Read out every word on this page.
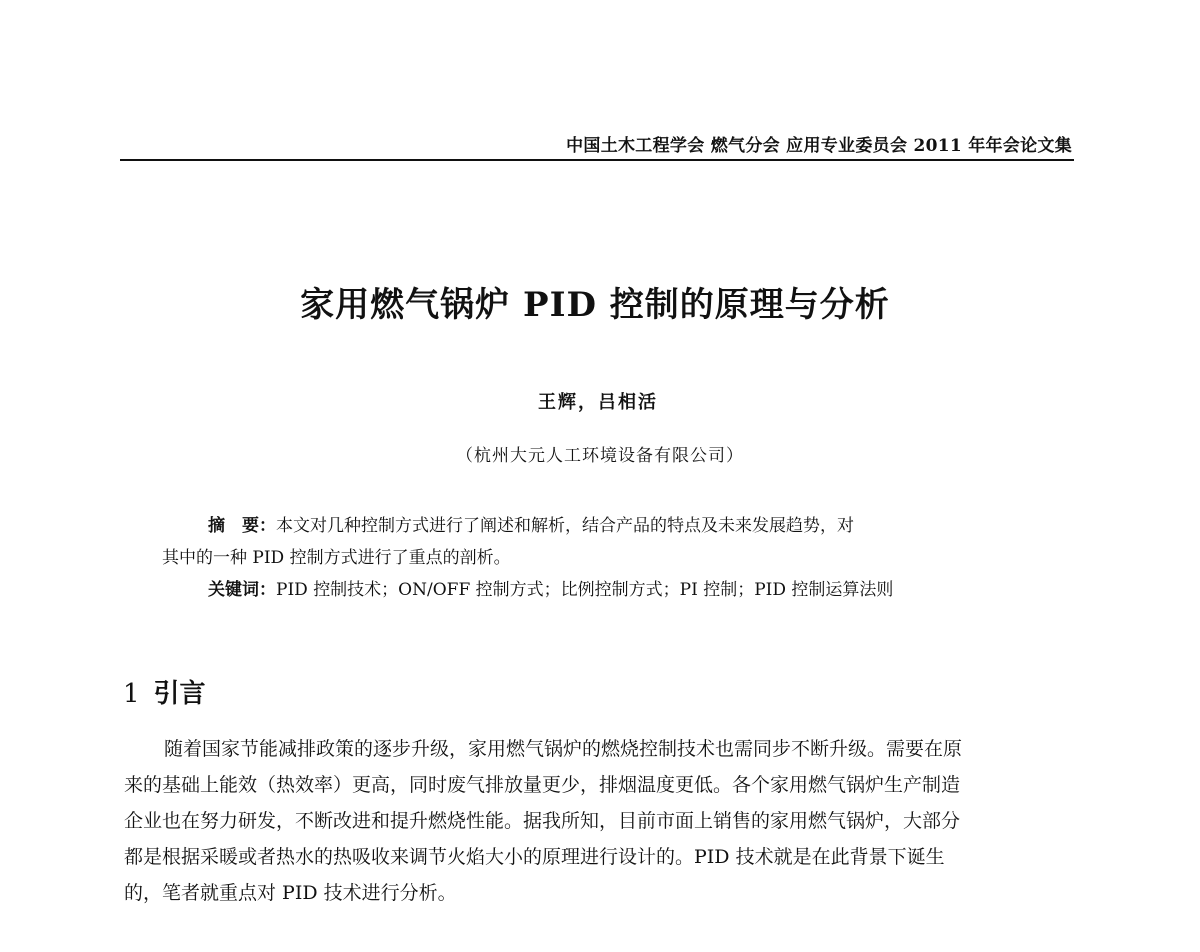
中国土木工程学会 燃气分会 应用专业委员会 2011 年年会论文集
家用燃气锅炉 PID 控制的原理与分析
王辉，吕相活
（杭州大元人工环境设备有限公司）
摘　要：本文对几种控制方式进行了阐述和解析，结合产品的特点及未来发展趋势，对
其中的一种 PID 控制方式进行了重点的剖析。
关键词：PID 控制技术；ON/OFF 控制方式；比例控制方式；PI 控制；PID 控制运算法则
1 引言
随着国家节能减排政策的逐步升级，家用燃气锅炉的燃烧控制技术也需同步不断升级。需要在原
来的基础上能效（热效率）更高，同时废气排放量更少，排烟温度更低。各个家用燃气锅炉生产制造
企业也在努力研发，不断改进和提升燃烧性能。据我所知，目前市面上销售的家用燃气锅炉，大部分
都是根据采暖或者热水的热吸收来调节火焰大小的原理进行设计的。PID 技术就是在此背景下诞生
的，笔者就重点对 PID 技术进行分析。
